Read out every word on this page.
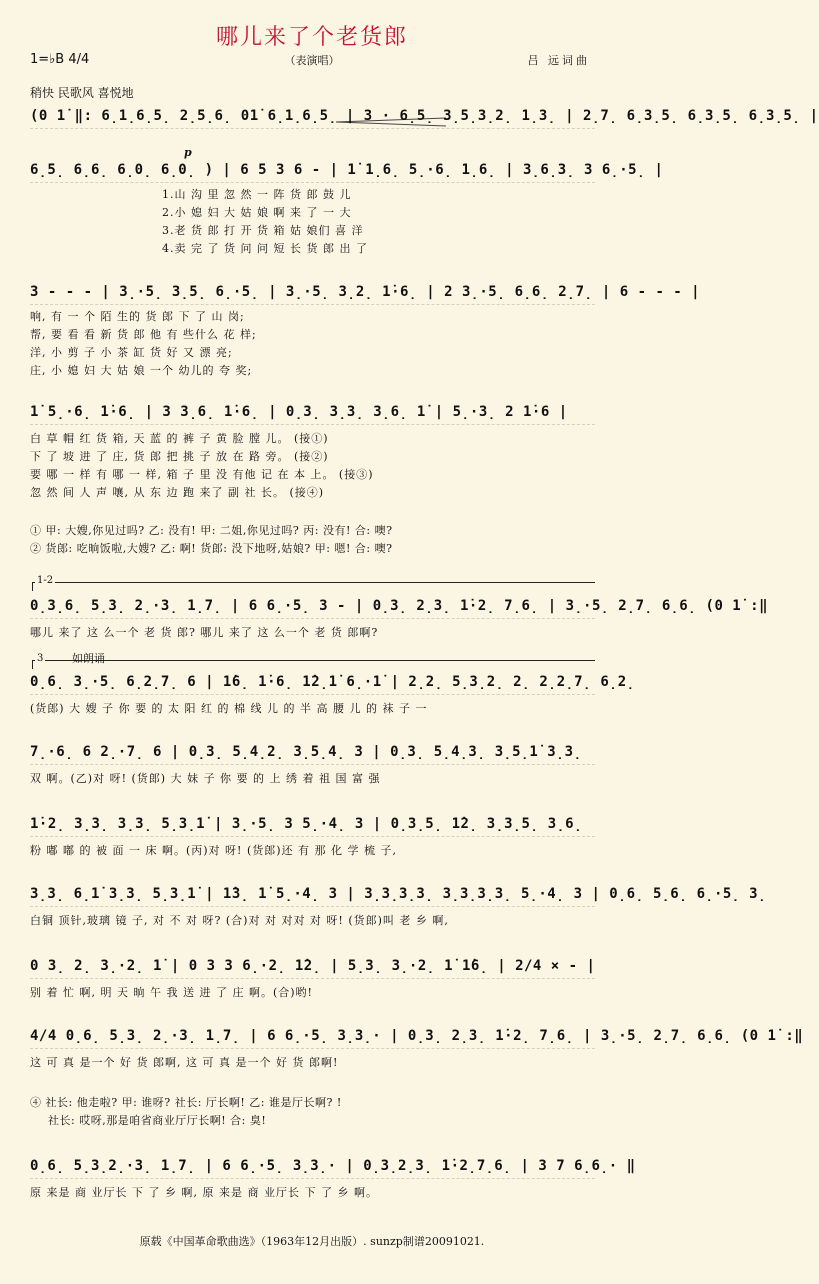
哪儿来了个老货郎
（表演唱）	吕 远词曲
1=♭B 4/4
稍快 民歌风 喜悦地
(0 1̇ ‖: 6̣1̣6̣5̣ 2̣5̣6̣ 01̇ 6̣1̣6̣5̣ | 3 · 6̣5̣ 3̣5̣3̣2̣ 1̣3̣ | 2̣7̣ 6̣3̣5̣ 6̣3̣5̣ 6̣3̣5̣ |
p
6̣5̣ 6̣6̣ 6̣0̣ 6̣0̣ ) | 6 5 3 6 - | 1̇ 1̣6̣ 5̣·6̣ 1̣6̣ | 3̣6̣3̣ 3 6̣·5̣ |
1.山 沟 里 忽 然 一 阵 货 郎 鼓 儿
2.小 媳 妇 大 姑 娘 啊 来 了 一 大
3.老 货 郎 打 开 货 箱 姑 娘们 喜 洋
4.卖 完 了 货 问 问 短 长 货 郎 出 了
3 - - - | 3̣·5̣ 3̣5̣ 6̣·5̣ | 3̣·5̣ 3̣2̣ 1̇·6̣ | 2 3̣·5̣ 6̣6̣ 2̣7̣ | 6 - - - |
响, 有 一 个 陌 生的 货 郎 下 了 山 岗;
帮, 要 看 看 新 货 郎 他 有 些什么 花 样;
洋, 小 剪 子 小 茶 缸 货 好 又 漂 亮;
庄, 小 媳 妇 大 姑 娘 一个 幼儿的 夸 奖;
1̇ 5̣·6̣ 1̇·6̣ | 3 3̣6̣ 1̇·6̣ | 0̣3̣ 3̣3̣ 3̣6̣ 1̇ | 5̣·3̣ 2 1̇·6 |
白 草 帽 红 货 箱, 天 蓝 的 裤 子 黄 脸 膛 儿。 (接①)
下 了 坡 进 了 庄, 货 郎 把 挑 子 放 在 路 旁。 (接②)
要 哪 一 样 有 哪 一 样, 箱 子 里 没 有他 记 在 本 上。 (接③)
忽 然 间 人 声 嚷, 从 东 边 跑 来了 副 社 长。 (接④)
① 甲: 大嫂,你见过吗? 乙: 没有! 甲: 二姐,你见过吗? 丙: 没有! 合: 噢?
② 货郎: 吃晌饭啦,大嫂? 乙: 啊! 货郎: 没下地呀,姑娘? 甲: 嗯! 合: 噢?
1-2
0̣3̣6̣ 5̣3̣ 2̣·3̣ 1̣7̣ | 6 6̣·5̣ 3 - | 0̣3̣ 2̣3̣ 1̇·2̣ 7̣6̣ | 3̣·5̣ 2̣7̣ 6̣6̣ (0 1̇ :‖
哪儿 来了 这 么一个 老 货 郎? 哪儿 来了 这 么一个 老 货 郎啊?
3	如朗诵
0̣6̣ 3̣·5̣ 6̣2̣7̣ 6 | 1̇6̣ 1̇·6̣ 1̇2̣1̇ 6̣·1̇ | 2̣2̣ 5̣3̣2̣ 2̣ 2̣2̣7̣ 6̣2̣
(货郎) 大 嫂 子 你 要 的 太 阳 红 的 棉 线 儿 的 半 高 腰 儿 的 袜 子 一
7̣·6̣ 6 2̣·7̣ 6 | 0̣3̣ 5̣4̣2̣ 3̣5̣4̣ 3 | 0̣3̣ 5̣4̣3̣ 3̣5̣1̇ 3̣3̣
双 啊。(乙)对 呀! (货郎) 大 妹 子 你 要 的 上 绣 着 祖 国 富 强
1̇·2̣ 3̣3̣ 3̣3̣ 5̣3̣1̇ | 3̣·5̣ 3 5̣·4̣ 3 | 0̣3̣5̣ 1̇2̣ 3̣3̣5̣ 3̣6̣
粉 嘟 嘟 的 被 面 一 床 啊。(丙)对 呀! (货郎)还 有 那 化 学 梳 子,
3̣3̣ 6̣1̇ 3̣3̣ 5̣3̣1̇ | 1̇3̣ 1̇ 5̣·4̣ 3 | 3̣3̣3̣3̣ 3̣3̣3̣3̣ 5̣·4̣ 3 | 0̣6̣ 5̣6̣ 6̣·5̣ 3̣
白铜 顶针,玻璃 镜 子, 对 不 对 呀? (合)对 对 对对 对 呀! (货郎)叫 老 乡 啊,
0 3̣ 2̣ 3̣·2̣ 1̇ | 0 3 3 6̣·2̣ 1̇2̣ | 5̣3̣ 3̣·2̣ 1̇ 1̇6̣ | 2/4 × - |
别 着 忙 啊, 明 天 晌 午 我 送 进 了 庄 啊。(合)哟!
4/4 0̣6̣ 5̣3̣ 2̣·3̣ 1̣7̣ | 6 6̣·5̣ 3̣3̣· | 0̣3̣ 2̣3̣ 1̇·2̣ 7̣6̣ | 3̣·5̣ 2̣7̣ 6̣6̣ (0 1̇ :‖
这 可 真 是一个 好 货 郎啊, 这 可 真 是一个 好 货 郎啊!
④ 社长: 他走啦? 甲: 谁呀? 社长: 厅长啊! 乙: 谁是厅长啊? !
社长: 哎呀,那是咱省商业厅厅长啊! 合: 臭!
0̣6̣ 5̣3̣2̣·3̣ 1̣7̣ | 6 6̣·5̣ 3̣3̣· | 0̣3̣2̣3̣ 1̇·2̣7̣6̣ | 3 7 6̣6̣· ‖
原 来是 商 业厅长 下 了 乡 啊, 原 来是 商 业厅长 下 了 乡 啊。
原载《中国革命歌曲选》（1963年12月出版）. sunzp制谱20091021.
